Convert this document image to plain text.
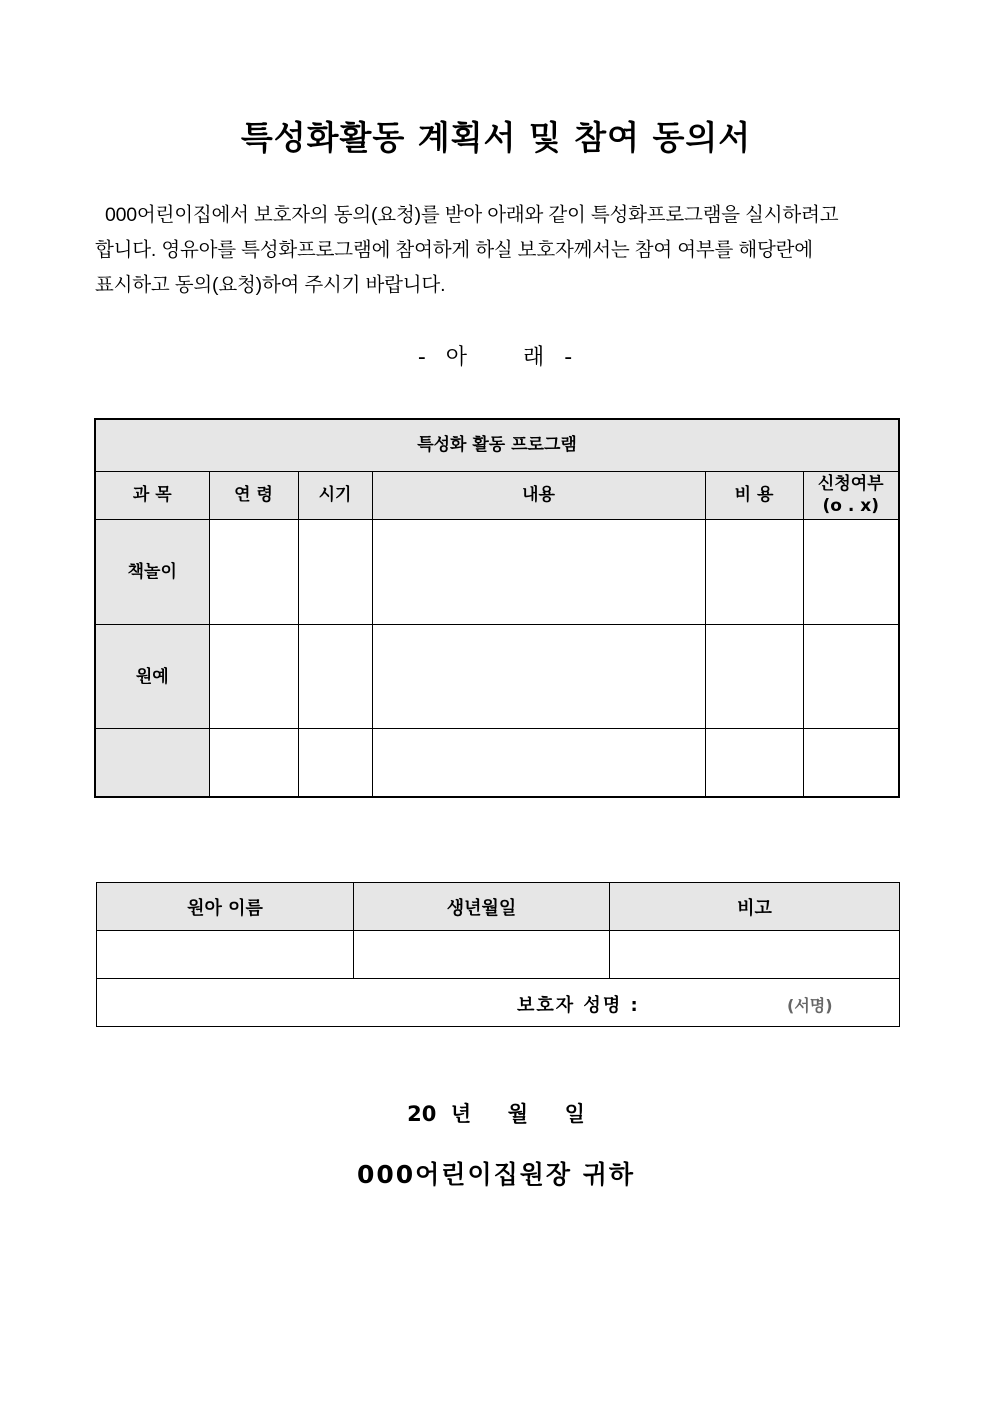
특성화활동 계획서 및 참여 동의서
000어린이집에서 보호자의 동의(요청)를 받아 아래와 같이 특성화프로그램을 실시하려고
합니다. 영유아를 특성화프로그램에 참여하게 하실 보호자께서는 참여 여부를 해당란에
표시하고 동의(요청)하여 주시기 바랍니다.
-  아      래  -
특성화 활동 프로그램					
과 목	연 령	시기	내용	비 용	신청여부
(o . x)

책놀이					
원예					

원아 이름	생년월일	비고

보호자 성명 : (서명)		
20  년     월     일
000어린이집원장 귀하
